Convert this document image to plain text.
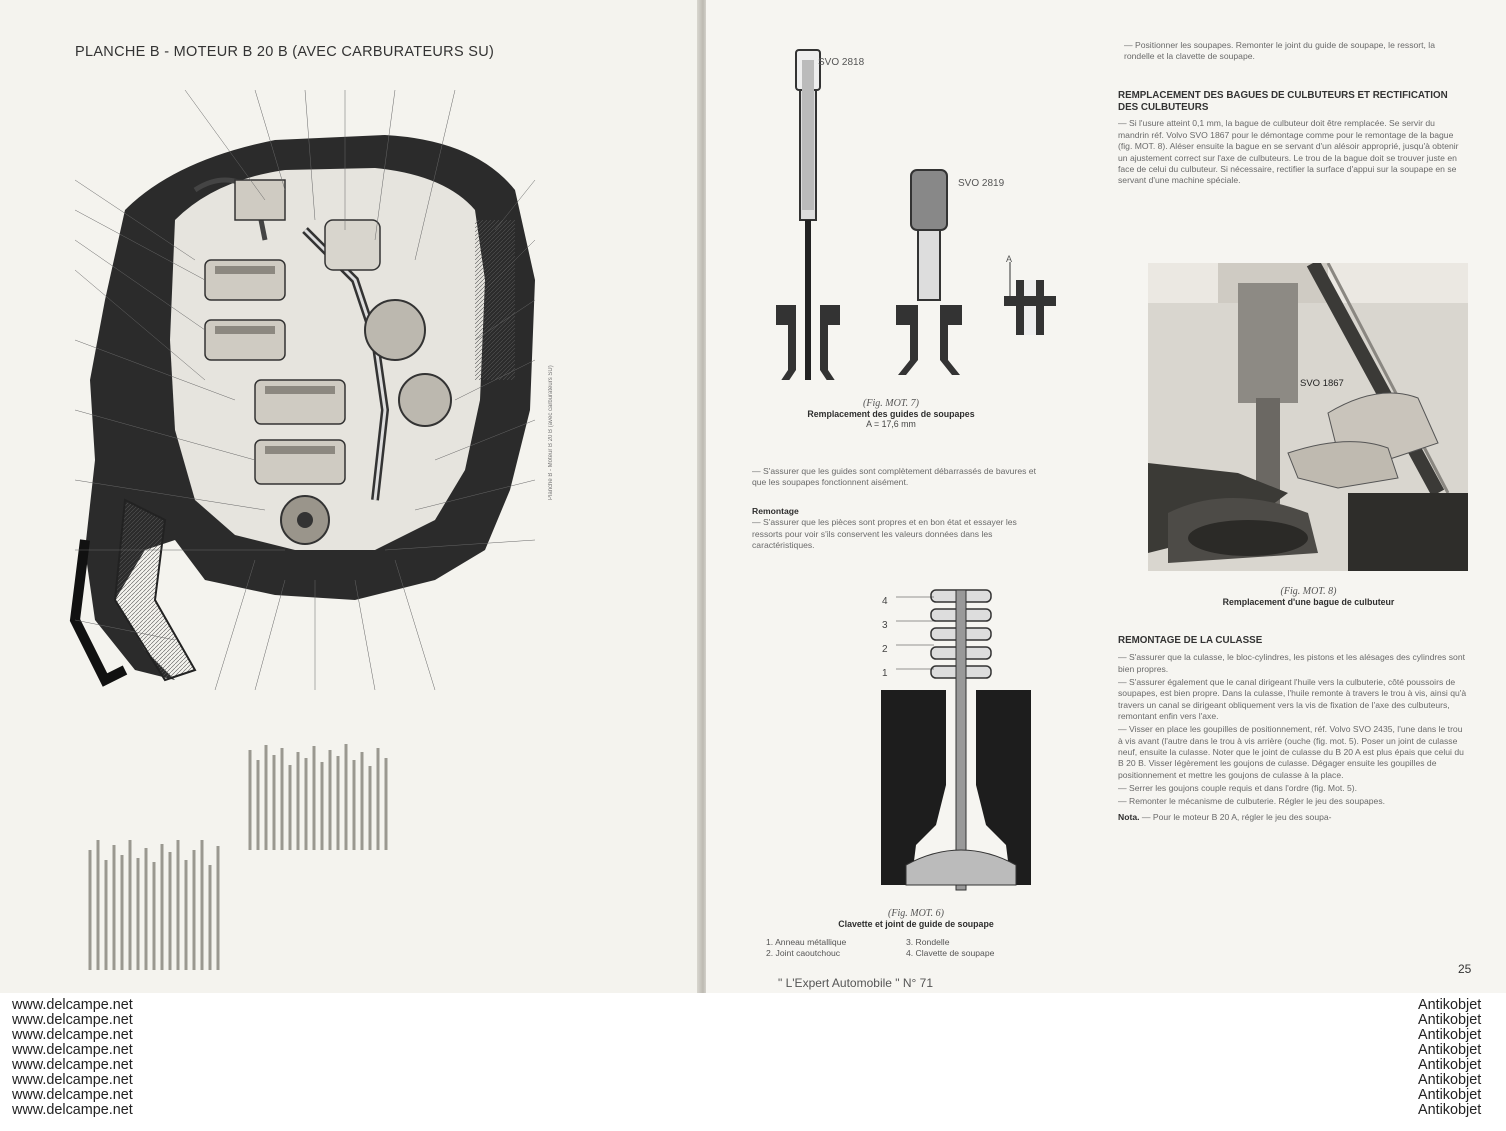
PLANCHE B - MOTEUR B 20 B (AVEC CARBURATEURS SU)
Planche B - Moteur B 20 B (avec carburateurs SU)
SVO 2818
SVO 2819
A
(Fig. MOT. 7)
Remplacement des guides de soupapes
A = 17,6 mm
— S'assurer que les guides sont complètement débarrassés de bavures et que les soupapes fonctionnent aisément.
Remontage
— S'assurer que les pièces sont propres et en bon état et essayer les ressorts pour voir s'ils conservent les valeurs données dans les caractéristiques.
4
3
2
1
(Fig. MOT. 6)
Clavette et joint de guide de soupape
1. Anneau métallique
2. Joint caoutchouc
3. Rondelle
4. Clavette de soupape
— Positionner les soupapes. Remonter le joint du guide de soupape, le ressort, la rondelle et la clavette de soupape.
REMPLACEMENT DES BAGUES DE CULBUTEURS ET RECTIFICATION DES CULBUTEURS
— Si l'usure atteint 0,1 mm, la bague de culbuteur doit être remplacée. Se servir du mandrin réf. Volvo SVO 1867 pour le démontage comme pour le remontage de la bague (fig. MOT. 8). Aléser ensuite la bague en se servant d'un alésoir approprié, jusqu'à obtenir un ajustement correct sur l'axe de culbuteurs. Le trou de la bague doit se trouver juste en face de celui du culbuteur. Si nécessaire, rectifier la surface d'appui sur la soupape en se servant d'une machine spéciale.
SVO 1867
(Fig. MOT. 8)
Remplacement d'une bague de culbuteur
REMONTAGE DE LA CULASSE
— S'assurer que la culasse, le bloc-cylindres, les pistons et les alésages des cylindres sont bien propres.
— S'assurer également que le canal dirigeant l'huile vers la culbuterie, côté poussoirs de soupapes, est bien propre. Dans la culasse, l'huile remonte à travers le trou à vis, ainsi qu'à travers un canal se dirigeant obliquement vers la vis de fixation de l'axe des culbuteurs, remontant enfin vers l'axe.
— Visser en place les goupilles de positionnement, réf. Volvo SVO 2435, l'une dans le trou à vis avant (l'autre dans le trou à vis arrière (ouche (fig. mot. 5). Poser un joint de culasse neuf, ensuite la culasse. Noter que le joint de culasse du B 20 A est plus épais que celui du B 20 B. Visser légèrement les goujons de culasse. Dégager ensuite les goupilles de positionnement et mettre les goujons de culasse à la place.
— Serrer les goujons couple requis et dans l'ordre (fig. Mot. 5).
— Remonter le mécanisme de culbuterie. Régler le jeu des soupapes.
Nota. — Pour le moteur B 20 A, régler le jeu des soupa-
25
" L'Expert Automobile " N° 71
www.delcampe.net
www.delcampe.net
www.delcampe.net
www.delcampe.net
www.delcampe.net
www.delcampe.net
www.delcampe.net
www.delcampe.net
Antikobjet
Antikobjet
Antikobjet
Antikobjet
Antikobjet
Antikobjet
Antikobjet
Antikobjet
